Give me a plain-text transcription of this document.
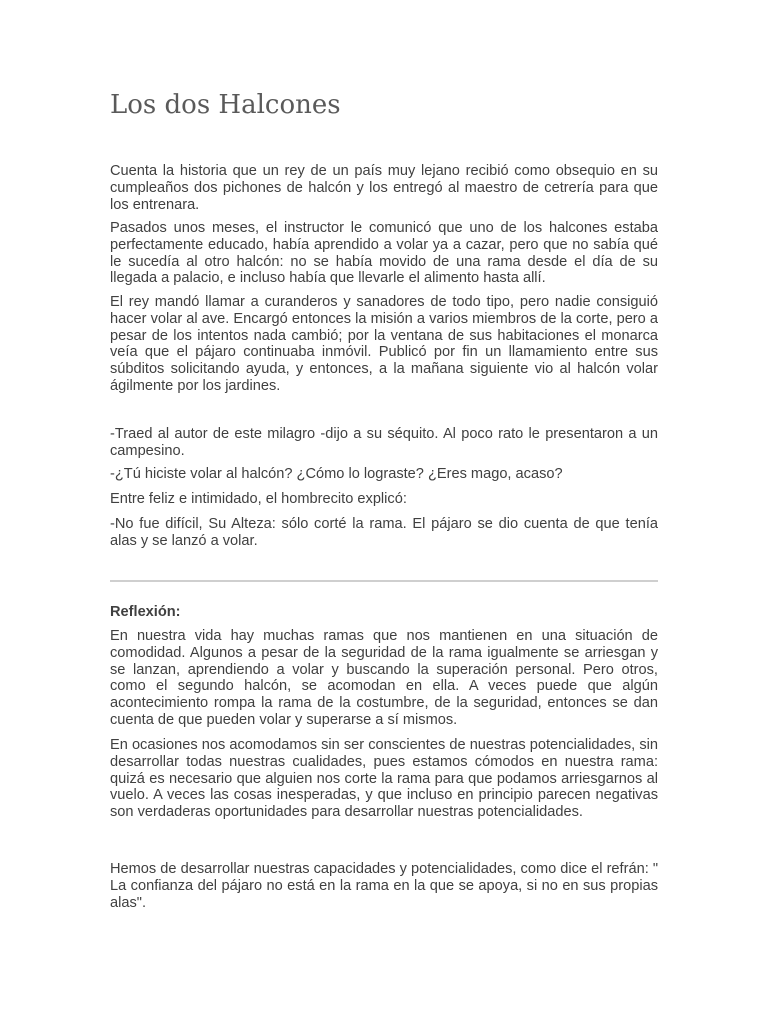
Los dos Halcones

Cuenta la historia que un rey de un país muy lejano recibió como obsequio en su cumpleaños dos pichones de halcón y los entregó al maestro de cetrería para que los entrenara.

Pasados unos meses, el instructor le comunicó que uno de los halcones estaba perfectamente educado, había aprendido a volar ya a cazar, pero que no sabía qué le sucedía al otro halcón: no se había movido de una rama desde el día de su llegada a palacio, e incluso había que llevarle el alimento hasta allí.

El rey mandó llamar a curanderos y sanadores de todo tipo, pero nadie consiguió hacer volar al ave. Encargó entonces la misión a varios miembros de la corte, pero a pesar de los intentos nada cambió; por la ventana de sus habitaciones el monarca veía que el pájaro continuaba inmóvil. Publicó por fin un llamamiento entre sus súbditos solicitando ayuda, y entonces, a la mañana siguiente vio al halcón volar ágilmente por los jardines.

-Traed al autor de este milagro -dijo a su séquito. Al poco rato le presentaron a un campesino.

-¿Tú hiciste volar al halcón? ¿Cómo lo lograste? ¿Eres mago, acaso?

Entre feliz e intimidado, el hombrecito explicó:

-No fue difícil, Su Alteza: sólo corté la rama. El pájaro se dio cuenta de que tenía alas y se lanzó a volar.

Reflexión:

En nuestra vida hay muchas ramas que nos mantienen en una situación de comodidad. Algunos a pesar de la seguridad de la rama igualmente se arriesgan y se lanzan, aprendiendo a volar y buscando la superación personal. Pero otros, como el segundo halcón, se acomodan en ella. A veces puede que algún acontecimiento rompa la rama de la costumbre, de la seguridad, entonces se dan cuenta de que pueden volar y superarse a sí mismos.

En ocasiones nos acomodamos sin ser conscientes de nuestras potencialidades, sin desarrollar todas nuestras cualidades, pues estamos cómodos en nuestra rama: quizá es necesario que alguien nos corte la rama para que podamos arriesgarnos al vuelo. A veces las cosas inesperadas, y que incluso en principio parecen negativas son verdaderas oportunidades para desarrollar nuestras potencialidades.

Hemos de desarrollar nuestras capacidades y potencialidades, como dice el refrán: " La confianza del pájaro no está en la rama en la que se apoya, si no en sus propias alas".
